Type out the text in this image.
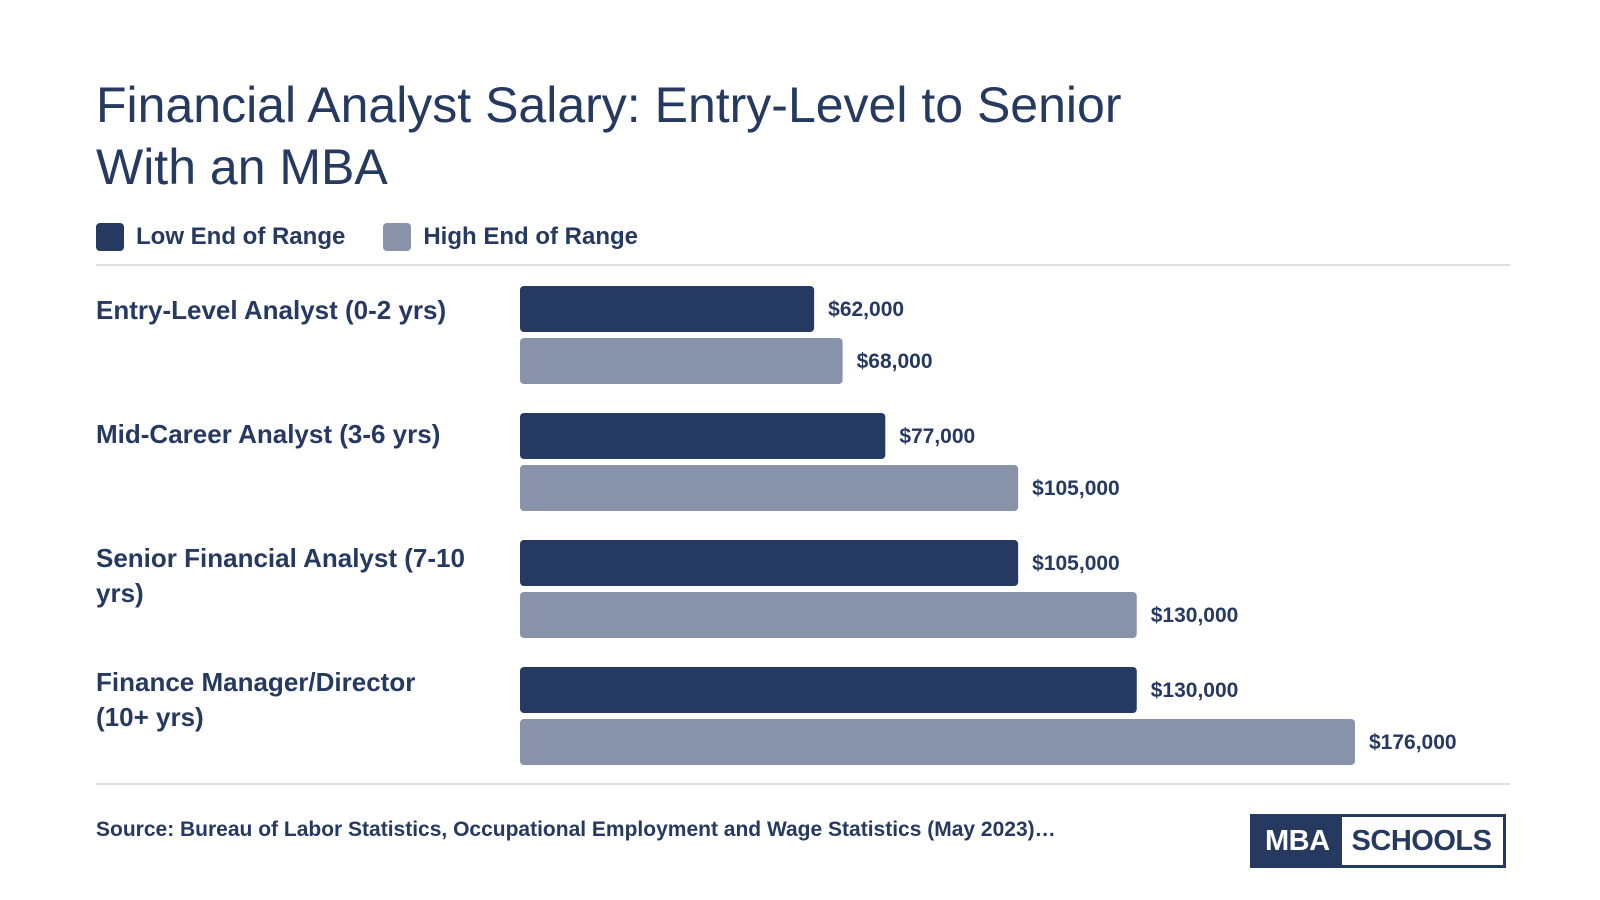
Financial Analyst Salary: Entry-Level to Senior With an MBA
Low End of Range	High End of Range
Entry-Level Analyst (0-2 yrs)
Mid-Career Analyst (3-6 yrs)
Senior Financial Analyst (7-10 yrs)
Finance Manager/Director (10+ yrs)
$62,000
$68,000
$77,000
$105,000
$105,000
$130,000
$130,000
$176,000
Source: Bureau of Labor Statistics, Occupational Employment and Wage Statistics (May 2023)…	MBA SCHOOLS
